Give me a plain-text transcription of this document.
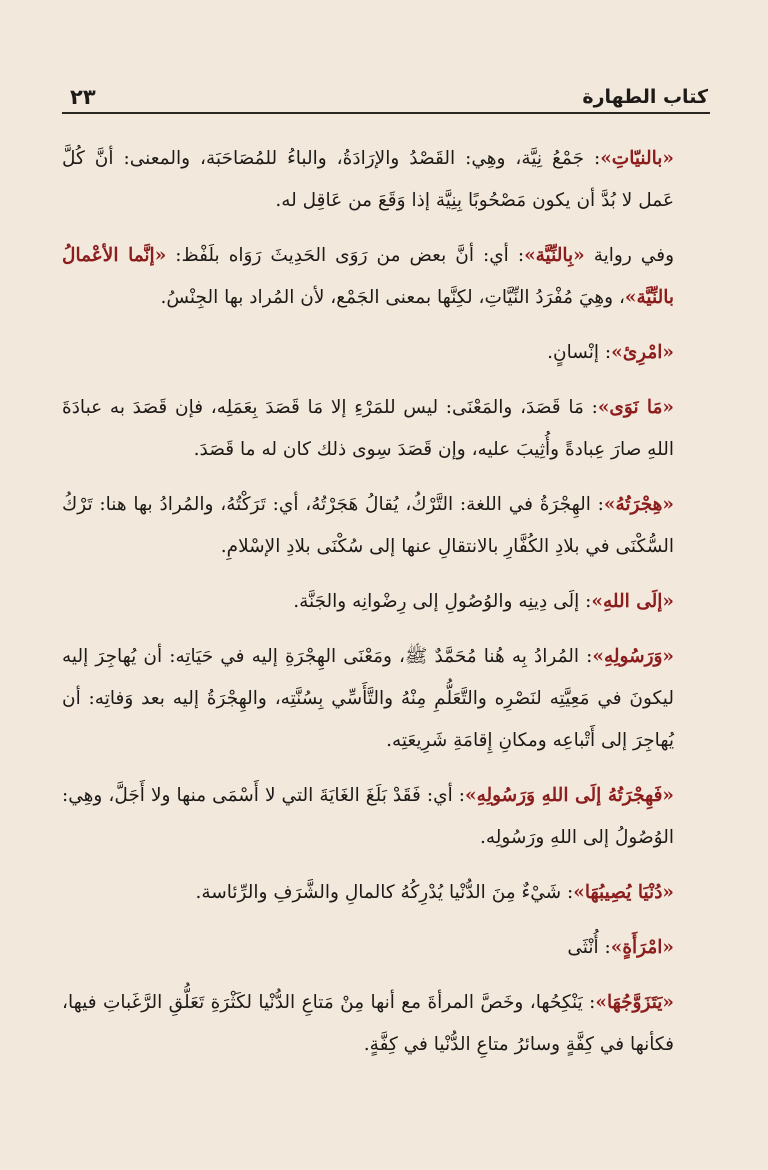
كتاب الطهارة
٢٣

«بالنيّاتِ»: جَمْعُ نِيَّة، وهِي: القَصْدُ والإرَادَةُ، والباءُ للمُصَاحَبَة، والمعنى: أنَّ كُلَّ عَمل لا بُدَّ أن يكون مَصْحُوبًا بِنِيَّة إذا وَقَعَ من عَاقِل له.

وفي رواية «بِالنِّيَّة»: أي: أنَّ بعض من رَوَى الحَدِيثَ رَوَاه بلَفْظ: «إنَّما الأعْمالُ بالنِّيَّة»، وهِيَ مُفْرَدُ النِّيَّاتِ، لكِنَّها بمعنى الجَمْع، لأن المُراد بها الجِنْسُ.

«امْرِئ»: إنْسانٍ.

«مَا نَوَى»: مَا قَصَدَ، والمَعْنَى: ليس للمَرْءِ إلا مَا قَصَدَ بِعَمَلِه، فإن قَصَدَ به عبادَةَ اللهِ صارَ عِبادةً وأُثِيبَ عليه، وإن قَصَدَ سِوى ذلك كان له ما قَصَدَ.

«هِجْرَتُهُ»: الهِجْرَةُ في اللغة: التَّرْكُ، يُقالُ هَجَرْتُهُ، أي: تَرَكْتُهُ، والمُرادُ بها هنا: تَرْكُ السُّكْنَى في بلادِ الكُفَّارِ بالانتقالِ عنها إلى سُكْنَى بلادِ الإسْلامِ.

«إلَى اللهِ»: إلَى دِينِه والوُصُولِ إلى رِضْوانِه والجَنَّة.

«وَرَسُولِهِ»: المُرادُ بِه هُنا مُحَمَّدٌ ﷺ، ومَعْنَى الهِجْرَةِ إليه في حَيَاتِه: أن يُهاجِرَ إليه ليكونَ في مَعِيَّتِه لنَصْرِه والتَّعَلُّمِ مِنْهُ والتَّأَسِّي بِسُنَّتِه، والهِجْرَةُ إليه بعد وَفاتِه: أن يُهاجِرَ إلى أَتْباعِه ومكانِ إِقامَةِ شَرِيعَتِه.

«فَهِجْرَتُهُ إلَى اللهِ وَرَسُولِهِ»: أي: فَقَدْ بَلَغَ الغَايَةَ التي لا أَسْمَى منها ولا أَجَلَّ، وهِي: الوُصُولُ إلى اللهِ ورَسُولِه.

«دُنْيَا يُصِيبُهَا»: شَيْءٌ مِنَ الدُّنْيا يُدْرِكُهُ كالمالِ والشَّرَفِ والرِّئاسة.

«امْرَأَةٍ»: أُنْثَى

«يَتَزَوَّجُهَا»: يَنْكِحُها، وخَصَّ المرأةَ مع أنها مِنْ مَتاعِ الدُّنْيا لكَثْرَةِ تَعَلُّقِ الرَّغَباتِ فيها، فكأنها في كِفَّةٍ وسائرُ متاعِ الدُّنْيا في كِفَّةٍ.
